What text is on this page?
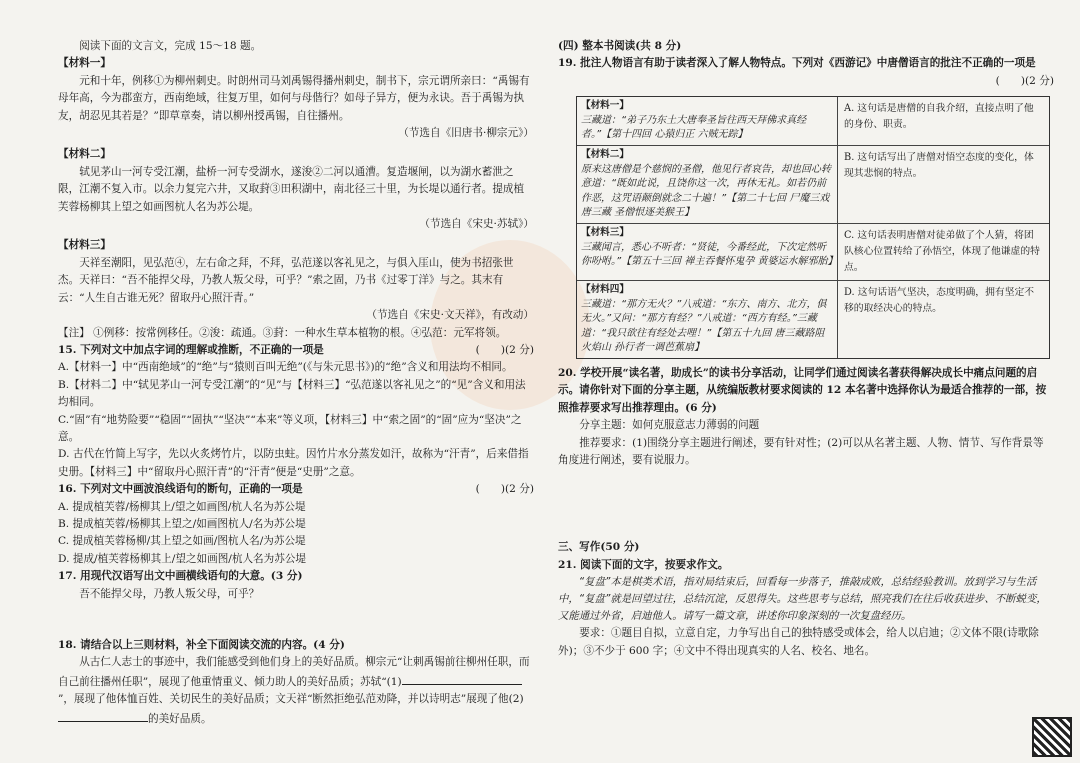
阅读下面的文言文，完成 15～18 题。

【材料一】

元和十年，例移①为柳州刺史。时朗州司马刘禹锡得播州刺史，制书下，宗元谓所亲曰：“禹锡有母年高，今为郡蛮方，西南绝域，往复万里，如何与母偕行？如母子异方，便为永诀。吾于禹锡为执友，胡忍见其若是？”即草章奏，请以柳州授禹锡，自往播州。

（节选自《旧唐书·柳宗元》）

【材料二】

轼见茅山一河专受江潮，盐桥一河专受湖水，遂浚②二河以通漕。复造堰闸，以为湖水蓄泄之限，江潮不复入市。以余力复完六井，又取葑③田积湖中，南北径三十里，为长堤以通行者。提成植芙蓉杨柳其上望之如画图杭人名为苏公堤。

（节选自《宋史·苏轼》）

【材料三】

天祥至潮阳，见弘范④，左右命之拜，不拜，弘范遂以客礼见之，与俱入厓山，使为书招张世杰。天祥曰：“吾不能捍父母，乃教人叛父母，可乎？”索之固，乃书《过零丁洋》与之。其末有云：“人生自古谁无死？留取丹心照汗青。”

（节选自《宋史·文天祥》，有改动）

【注】 ①例移：按常例移任。②浚：疏通。③葑：一种水生草本植物的根。④弘范：元军将领。

15. 下列对文中加点字词的理解或推断，不正确的一项是	(　　)(2 分)

A.【材料一】中“西南绝域”的“绝”与“猿则百叫无绝”(《与朱元思书》)的“绝”含义和用法均不相同。

B.【材料二】中“轼见茅山一河专受江潮”的“见”与【材料三】“弘范遂以客礼见之”的“见”含义和用法均相同。

C.“固”有“地势险要”“稳固”“固执”“坚决”“本来”等义项，【材料三】中“索之固”的“固”应为“坚决”之意。

D. 古代在竹简上写字，先以火炙烤竹片，以防虫蛀。因竹片水分蒸发如汗，故称为“汗青”，后来借指史册。【材料三】中“留取丹心照汗青”的“汗青”便是“史册”之意。

16. 下列对文中画波浪线语句的断句，正确的一项是	(　　)(2 分)

A. 提成植芙蓉/杨柳其上/望之如画图/杭人名为苏公堤

B. 提成植芙蓉/杨柳其上望之/如画图杭人/名为苏公堤

C. 提成植芙蓉杨柳/其上望之如画/图杭人名/为苏公堤

D. 提成/植芙蓉杨柳其上/望之如画图/杭人名为苏公堤

17. 用现代汉语写出文中画横线语句的大意。(3 分)

吾不能捍父母，乃教人叛父母，可乎？

18. 请结合以上三则材料，补全下面阅读交流的内容。(4 分)

从古仁人志士的事迹中，我们能感受到他们身上的美好品质。柳宗元“让刺禹锡前往柳州任职，而自己前往播州任职”，展现了他重情重义、倾力助人的美好品质；苏轼“(1)”，展现了他体恤百姓、关切民生的美好品质；文天祥“断然拒绝弘范劝降，并以诗明志”展现了他(2)的美好品质。

(四) 整本书阅读(共 8 分)

19. 批注人物语言有助于读者深入了解人物特点。下列对《西游记》中唐僧语言的批注不正确的一项是

(　　)(2 分)

【材料一】
三藏道：“弟子乃东土大唐奉圣旨往西天拜佛求真经者。”【第十四回 心猿归正 六贼无踪】
A. 这句话是唐僧的自我介绍，直接点明了他的身份、职责。
【材料二】
原来这唐僧是个慈悯的圣僧，他见行者哀告，却也回心转意道：“既如此说，且饶你这一次，再休无礼。如若仍前作恶，这咒语颠倒就念二十遍！”【第二十七回 尸魔三戏唐三藏 圣僧恨逐美猴王】
B. 这句话写出了唐僧对悟空态度的变化，体现其悲悯的特点。
【材料三】
三藏闻言，悉心不听者：“贤徒，今番经此，下次定然听你吩咐。”【第五十三回 禅主吞餐怀鬼孕 黄婆运水解邪胎】
C. 这句话表明唐僧对徒弟做了个人猜，将团队核心位置转给了孙悟空，体现了他谦虚的特点。
【材料四】
三藏道：“那方无火？”八戒道：“东方、南方、北方，俱无火。”又问：“那方有经？”八戒道：“西方有经。”三藏道：“我只欲往有经处去哩！”【第五十九回 唐三藏路阻火焰山 孙行者一调芭蕉扇】
D. 这句话语气坚决，态度明确，拥有坚定不移的取经决心的特点。

20. 学校开展“读名著，助成长”的读书分享活动，让同学们通过阅读名著获得解决成长中痛点问题的启示。请你针对下面的分享主题，从统编版教材要求阅读的 12 本名著中选择你认为最适合推荐的一部，按照推荐要求写出推荐理由。(6 分)

分享主题：如何克服意志力薄弱的问题

推荐要求：(1)围绕分享主题进行阐述，要有针对性；(2)可以从名著主题、人物、情节、写作背景等角度进行阐述，要有说服力。

三、写作(50 分)

21. 阅读下面的文字，按要求作文。

“复盘”本是棋类术语，指对局结束后，回看每一步落子，推敲成败，总结经验教训。放到学习与生活中，“复盘”就是回望过往，总结沉淀，反思得失。这些思考与总结，照亮我们在往后收获进步、不断蜕变，又能通过外省，启迪他人。请写一篇文章，讲述你印象深刻的一次复盘经历。

要求：①题目自拟，立意自定，力争写出自己的独特感受或体会，给人以启迪；②文体不限(诗歌除外)；③不少于 600 字；④文中不得出现真实的人名、校名、地名。
